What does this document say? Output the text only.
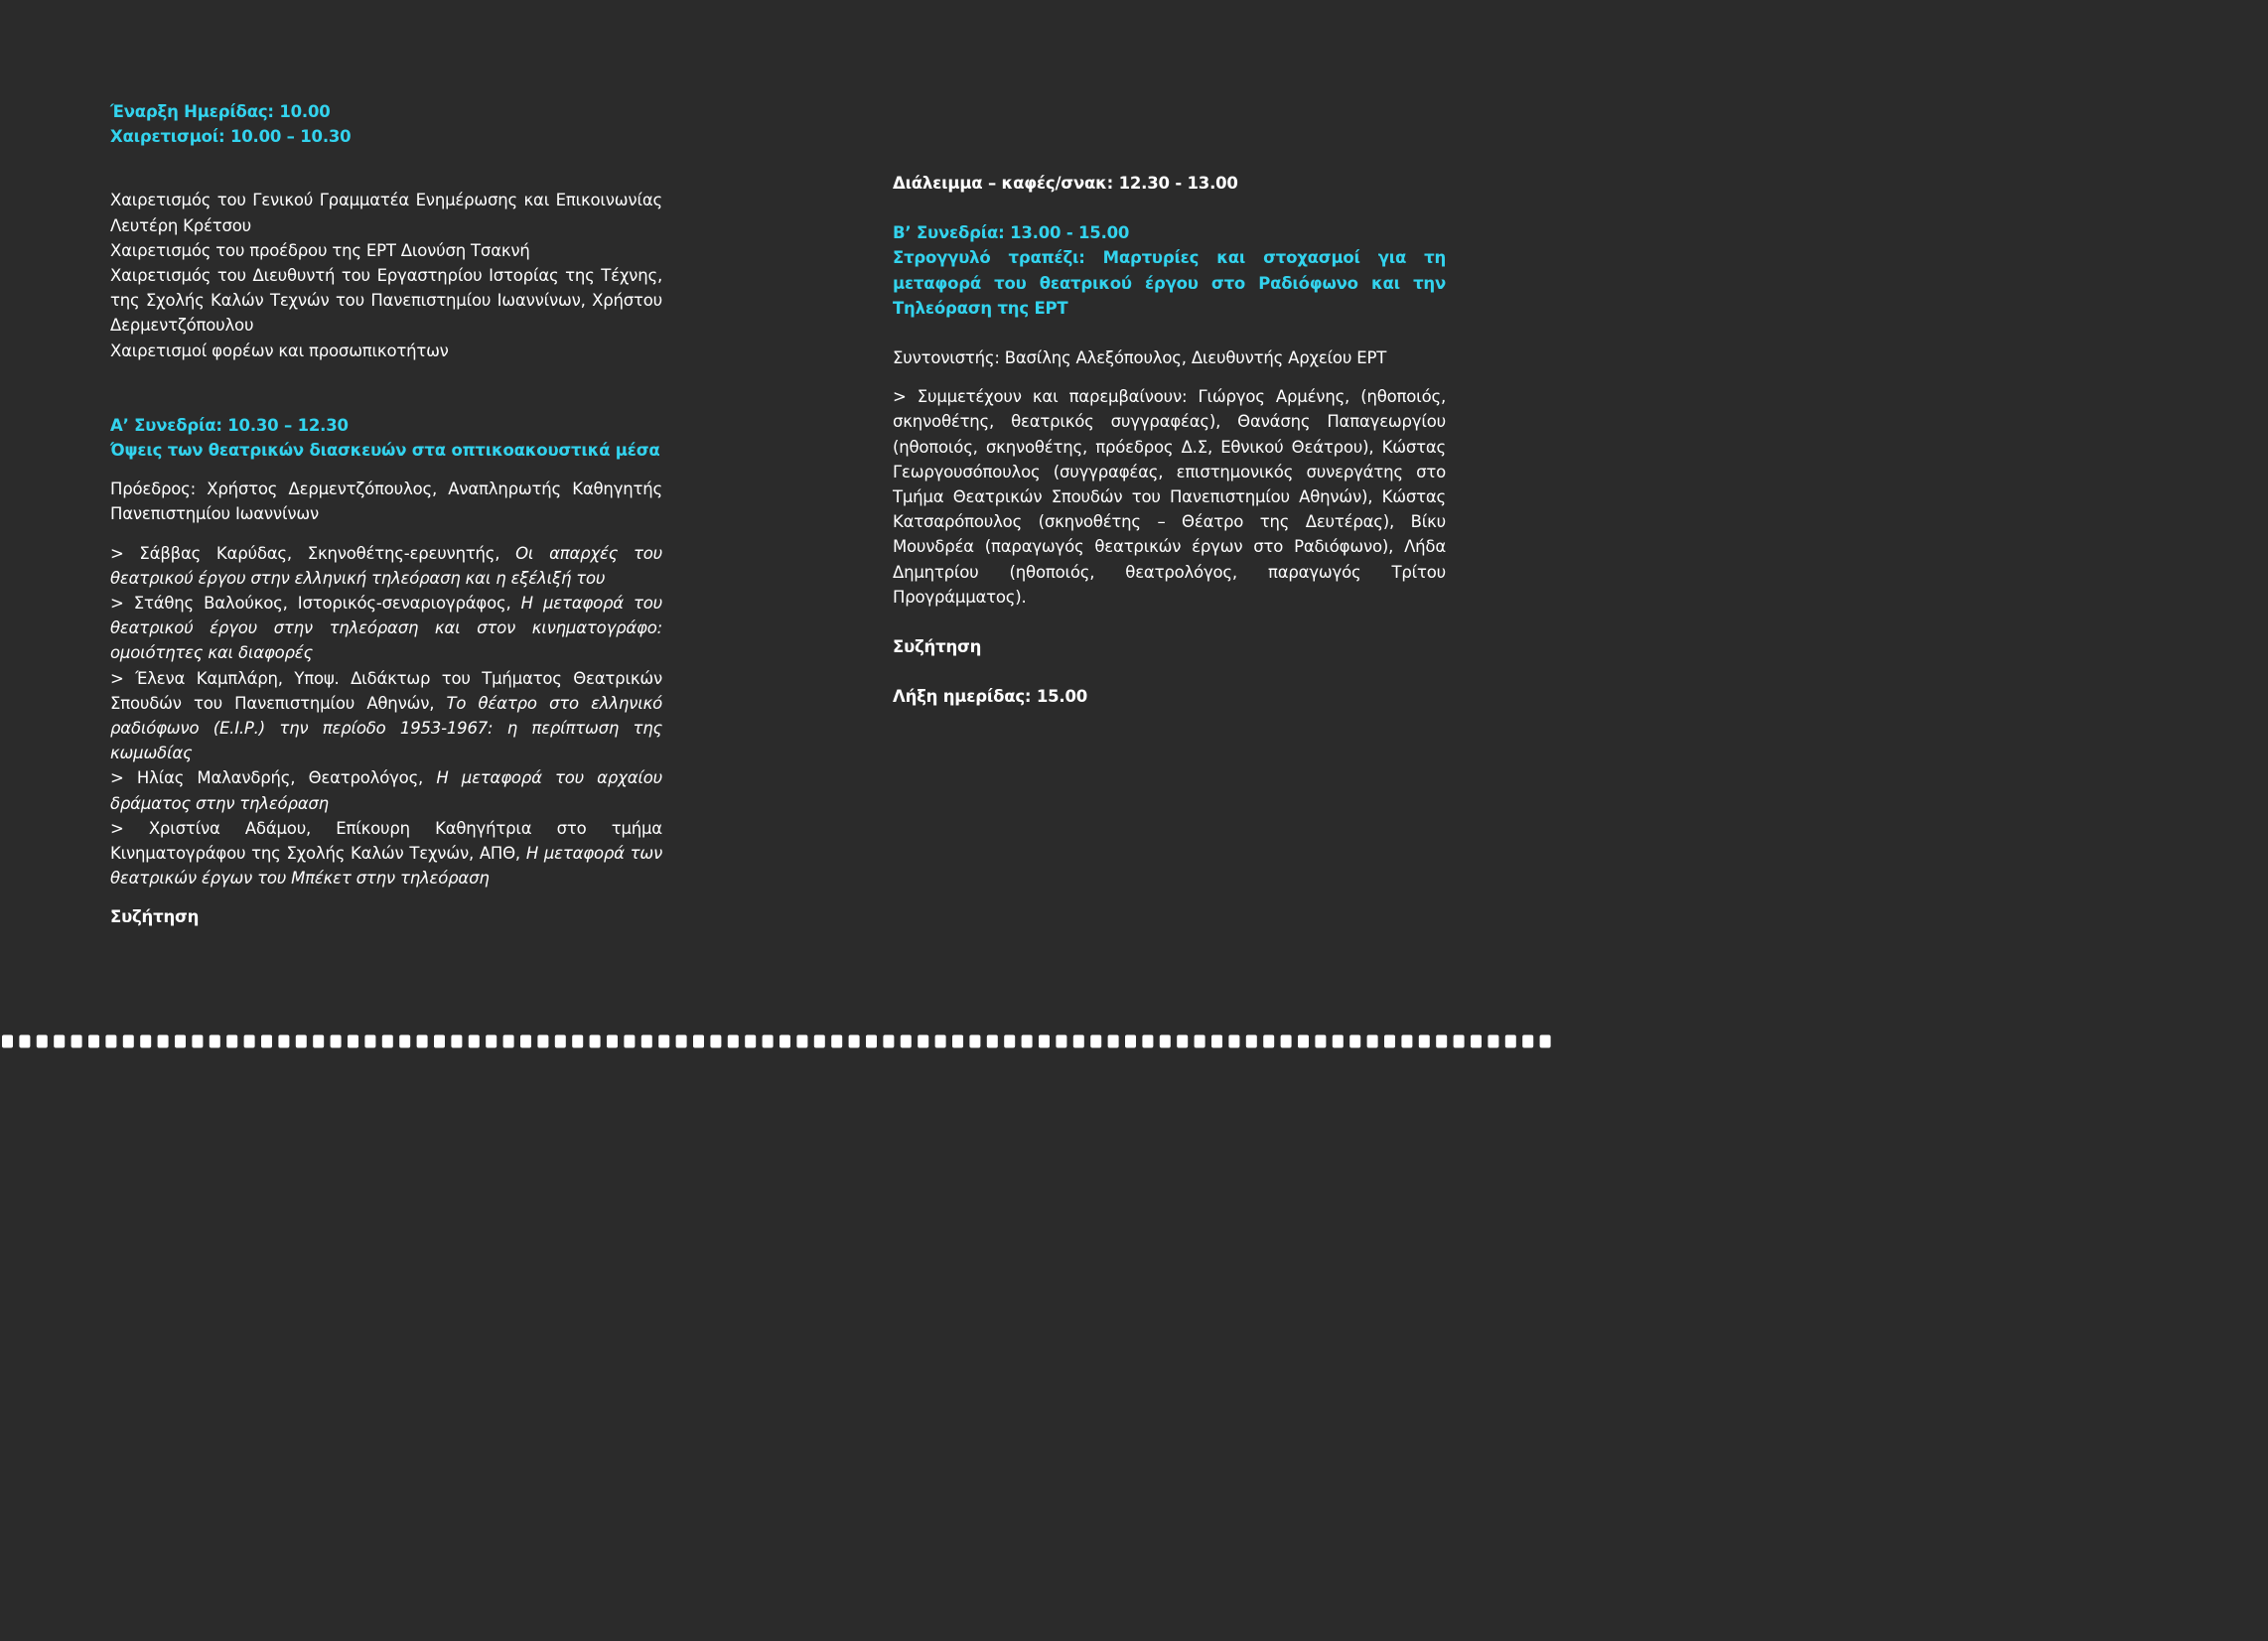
Έναρξη Ημερίδας: 10.00
Χαιρετισμοί: 10.00 – 10.30
Χαιρετισμός του Γενικού Γραμματέα Ενημέρωσης και Επικοινωνίας Λευτέρη Κρέτσου
Χαιρετισμός του προέδρου της ΕΡΤ Διονύση Τσακνή
Χαιρετισμός του Διευθυντή του Εργαστηρίου Ιστορίας της Τέχνης, της Σχολής Καλών Τεχνών του Πανεπιστημίου Ιωαννίνων, Χρήστου Δερμεντζόπουλου
Χαιρετισμοί φορέων και προσωπικοτήτων
Α’ Συνεδρία: 10.30 – 12.30
Όψεις των θεατρικών διασκευών στα οπτικοακουστικά μέσα
Πρόεδρος: Χρήστος Δερμεντζόπουλος, Αναπληρωτής Καθηγητής Πανεπιστημίου Ιωαννίνων
> Σάββας Καρύδας, Σκηνοθέτης-ερευνητής, Οι απαρχές του θεατρικού έργου στην ελληνική τηλεόραση και η εξέλιξή του
> Στάθης Βαλούκος, Ιστορικός-σεναριογράφος, Η μεταφορά του θεατρικού έργου στην τηλεόραση και στον κινηματογράφο: ομοιότητες και διαφορές
> Έλενα Καμπλάρη, Υποψ. Διδάκτωρ του Τμήματος Θεατρικών Σπουδών του Πανεπιστημίου Αθηνών, Το θέατρο στο ελληνικό ραδιόφωνο (Ε.Ι.Ρ.) την περίοδο 1953-1967: η περίπτωση της κωμωδίας
> Ηλίας Μαλανδρής, Θεατρολόγος, Η μεταφορά του αρχαίου δράματος στην τηλεόραση
> Χριστίνα Αδάμου, Επίκουρη Καθηγήτρια στο τμήμα Κινηματογράφου της Σχολής Καλών Τεχνών, ΑΠΘ, Η μεταφορά των θεατρικών έργων του Μπέκετ στην τηλεόραση
Συζήτηση
Διάλειμμα – καφές/σνακ: 12.30 - 13.00
Β’ Συνεδρία: 13.00 - 15.00
Στρογγυλό τραπέζι: Μαρτυρίες και στοχασμοί για τη μεταφορά του θεατρικού έργου στο Ραδιόφωνο και την Τηλεόραση της ΕΡΤ
Συντονιστής: Βασίλης Αλεξόπουλος, Διευθυντής Αρχείου ΕΡΤ
> Συμμετέχουν και παρεμβαίνουν: Γιώργος Αρμένης, (ηθοποιός, σκηνοθέτης, θεατρικός συγγραφέας), Θανάσης Παπαγεωργίου (ηθοποιός, σκηνοθέτης, πρόεδρος Δ.Σ, Εθνικού Θεάτρου), Κώστας Γεωργουσόπουλος (συγγραφέας, επιστημονικός συνεργάτης στο Τμήμα Θεατρικών Σπουδών του Πανεπιστημίου Αθηνών), Κώστας Κατσαρόπουλος (σκηνοθέτης – Θέατρο της Δευτέρας), Βίκυ Μουνδρέα (παραγωγός θεατρικών έργων στο Ραδιόφωνο), Λήδα Δημητρίου (ηθοποιός, θεατρολόγος, παραγωγός Τρίτου Προγράμματος).
Συζήτηση
Λήξη ημερίδας: 15.00
